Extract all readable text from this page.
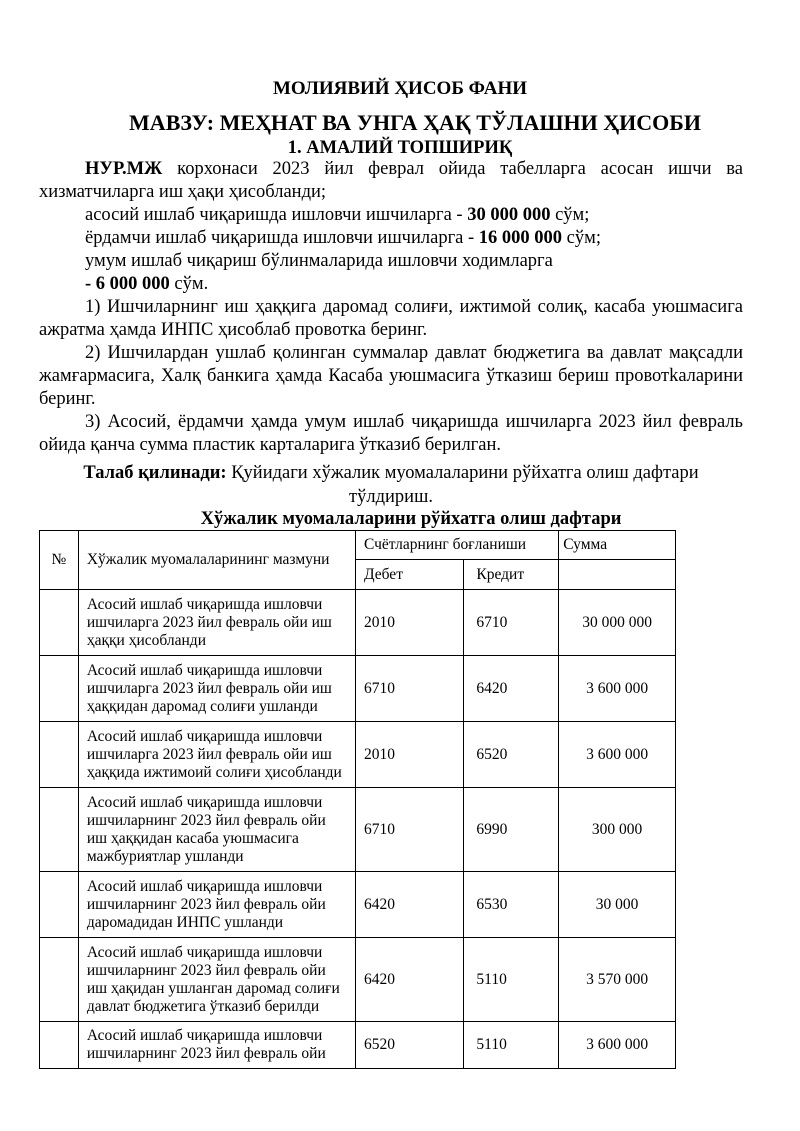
МОЛИЯВИЙ ҲИСОБ ФАНИ
МАВЗУ: МЕҲНАТ ВА УНГА ҲАҚ ТЎЛАШНИ ҲИСОБИ
1. АМАЛИЙ ТОПШИРИҚ

НУР.МЖ корхонаси 2023 йил феврал ойида табелларга асосан ишчи ва

хизматчиларга иш ҳақи ҳисобланди;

асосий ишлаб чиқаришда ишловчи ишчиларга - 30 000 000 сўм;

ёрдамчи ишлаб чиқаришда ишловчи ишчиларга - 16 000 000 сўм;

умум ишлаб чиқариш бўлинмаларида ишловчи ходимларга

- 6 000 000 сўм.

1) Ишчиларнинг иш ҳаққига даромад солиғи, ижтимой солиқ, касаба уюшмасига

ажратма ҳамда ИНПС ҳисоблаб провотка беринг.

2) Ишчилардан ушлаб қолинган суммалар давлат бюджетига ва давлат мақсадли

жамғармасига, Халқ банкига ҳамда Касаба уюшмасига ўтказиш бериш провотkaларини

беринг.

3) Асосий, ёрдамчи ҳамда умум ишлаб чиқаришда ишчиларга 2023 йил февраль

ойида қанча сумма пластик карталарига ўтказиб берилган.

Талаб қилинади: Қуйидаги хўжалик муомалаларини рўйхатга олиш дафтари
тўлдириш.
Хўжалик муомалаларини рўйхатга олиш дафтари
№	Хўжалик муомалаларининг мазмуни	Счётларнинг боғланиши		Сумма
		Дебет	Кредит	

	Асосий ишлаб чиқаришда ишловчи
ишчиларга 2023 йил февраль ойи иш
ҳаққи ҳисобланди	2010	6710	30 000 000

	Асосий ишлаб чиқаришда ишловчи
ишчиларга 2023 йил февраль ойи иш
ҳаққидан даромад солиғи ушланди	6710	6420	3 600 000

	Асосий ишлаб чиқаришда ишловчи
ишчиларга 2023 йил февраль ойи иш
ҳаққида ижтимоий солиғи ҳисобланди	2010	6520	3 600 000

	Асосий ишлаб чиқаришда ишловчи
ишчиларнинг 2023 йил февраль ойи
иш ҳаққидан касаба уюшмасига
мажбуриятлар ушланди	6710	6990	300 000

	Асосий ишлаб чиқаришда ишловчи
ишчиларнинг 2023 йил февраль ойи
даромадидан ИНПС ушланди	6420	6530	30 000

	Асосий ишлаб чиқаришда ишловчи
ишчиларнинг 2023 йил февраль ойи
иш ҳақидан ушланган даромад солиғи
давлат бюджетига ўтказиб берилди	6420	5110	3 570 000

	Асосий ишлаб чиқаришда ишловчи
ишчиларнинг 2023 йил февраль ойи	6520	5110	3 600 000
